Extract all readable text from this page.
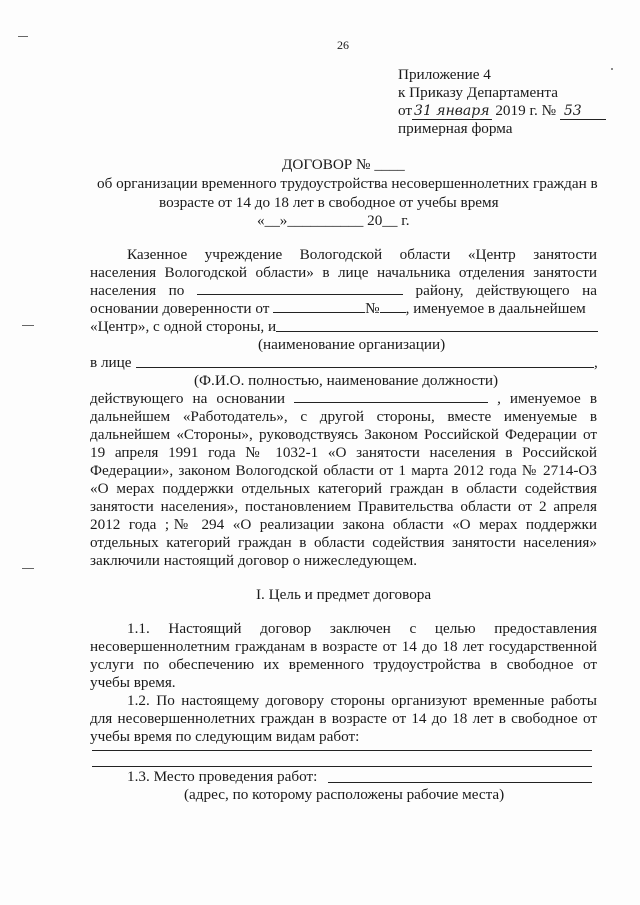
26
Приложение 4
к Приказу Департамента
от 31 января 2019 г. № 53
примерная форма
ДОГОВОР № ____
об организации временного трудоустройства несовершеннолетних граждан в
возрасте от 14 до 18 лет в свободное от учебы время
«__»__________ 20__ г.
Казенное учреждение Вологодской области «Центр занятости
населения Вологодской области» в лице начальника отделения занятости
населения по	району, действующего на
основании доверенности от	№ , именуемое в даальнейшем
«Центр», с одной стороны, и
(наименование организации)
в лице	,
(Ф.И.О. полностью, наименование должности)
действующего на основании	, именуемое в
дальнейшем «Работодатель», с другой стороны, вместе именуемые в
дальнейшем «Стороны», руководствуясь Законом Российской Федерации от
19 апреля 1991 года № 1032-1 «О занятости населения в Российской
Федерации», законом Вологодской области от 1 марта 2012 года № 2714-ОЗ
«О мерах поддержки отдельных категорий граждан в области содействия
занятости населения», постановлением Правительства области от 2 апреля
2012 года ;№ 294 «О реализации закона области «О мерах поддержки
отдельных категорий граждан в области содействия занятости населения»
заключили настоящий договор о нижеследующем.
I. Цель и предмет договора
1.1. Настоящий договор заключен с целью предоставления
несовершеннолетним гражданам в возрасте от 14 до 18 лет государственной
услуги по обеспечению их временного трудоустройства в свободное от
учебы время.
1.2. По настоящему договору стороны организуют временные работы
для несовершеннолетних граждан в возрасте от 14 до 18 лет в свободное от
учебы время по следующим видам работ:
1.3. Место проведения работ:
(адрес, по которому расположены рабочие места)
